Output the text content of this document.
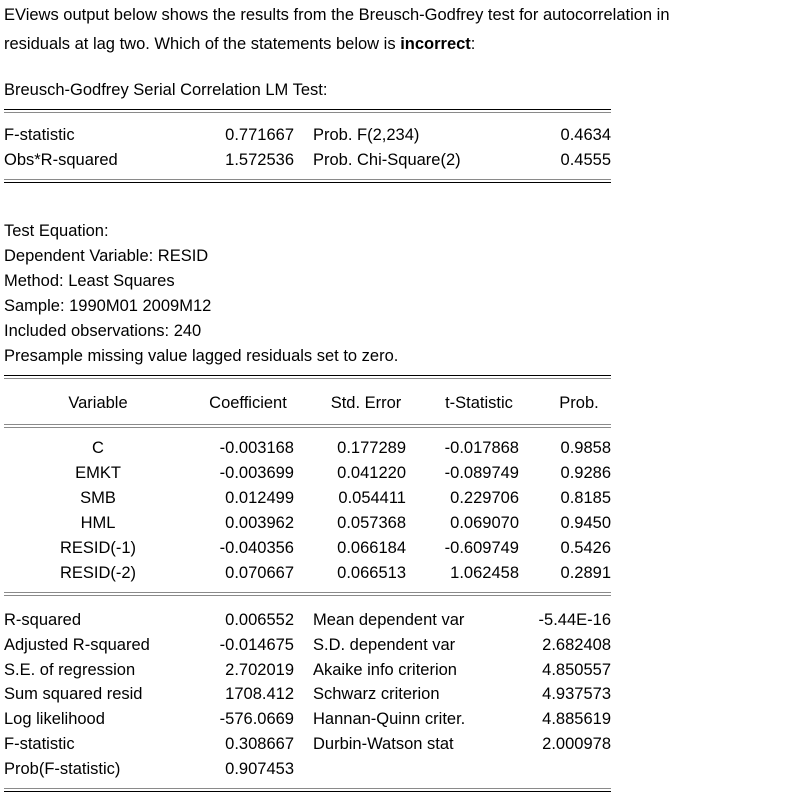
EViews output below shows the results from the Breusch-Godfrey test for autocorrelation in
residuals at lag two. Which of the statements below is incorrect:
Breusch-Godfrey Serial Correlation LM Test:
F-statistic	0.771667 Prob. F(2,234)	0.4634
Obs*R-squared	1.572536 Prob. Chi-Square(2)	0.4555
Test Equation:
Dependent Variable: RESID
Method: Least Squares
Sample: 1990M01 2009M12
Included observations: 240
Presample missing value lagged residuals set to zero.
Variable	Coefficient	Std. Error	t-Statistic	Prob.
C	-0.003168	0.177289	-0.017868	0.9858
EMKT	-0.003699	0.041220	-0.089749	0.9286
SMB	0.012499	0.054411	0.229706	0.8185
HML	0.003962	0.057368	0.069070	0.9450
RESID(-1)	-0.040356	0.066184	-0.609749	0.5426
RESID(-2)	0.070667	0.066513	1.062458	0.2891
R-squared	0.006552 Mean dependent var	-5.44E-16
Adjusted R-squared	-0.014675 S.D. dependent var	2.682408
S.E. of regression	2.702019 Akaike info criterion	4.850557
Sum squared resid	1708.412 Schwarz criterion	4.937573
Log likelihood	-576.0669 Hannan-Quinn criter.	4.885619
F-statistic	0.308667 Durbin-Watson stat	2.000978
Prob(F-statistic)	0.907453
